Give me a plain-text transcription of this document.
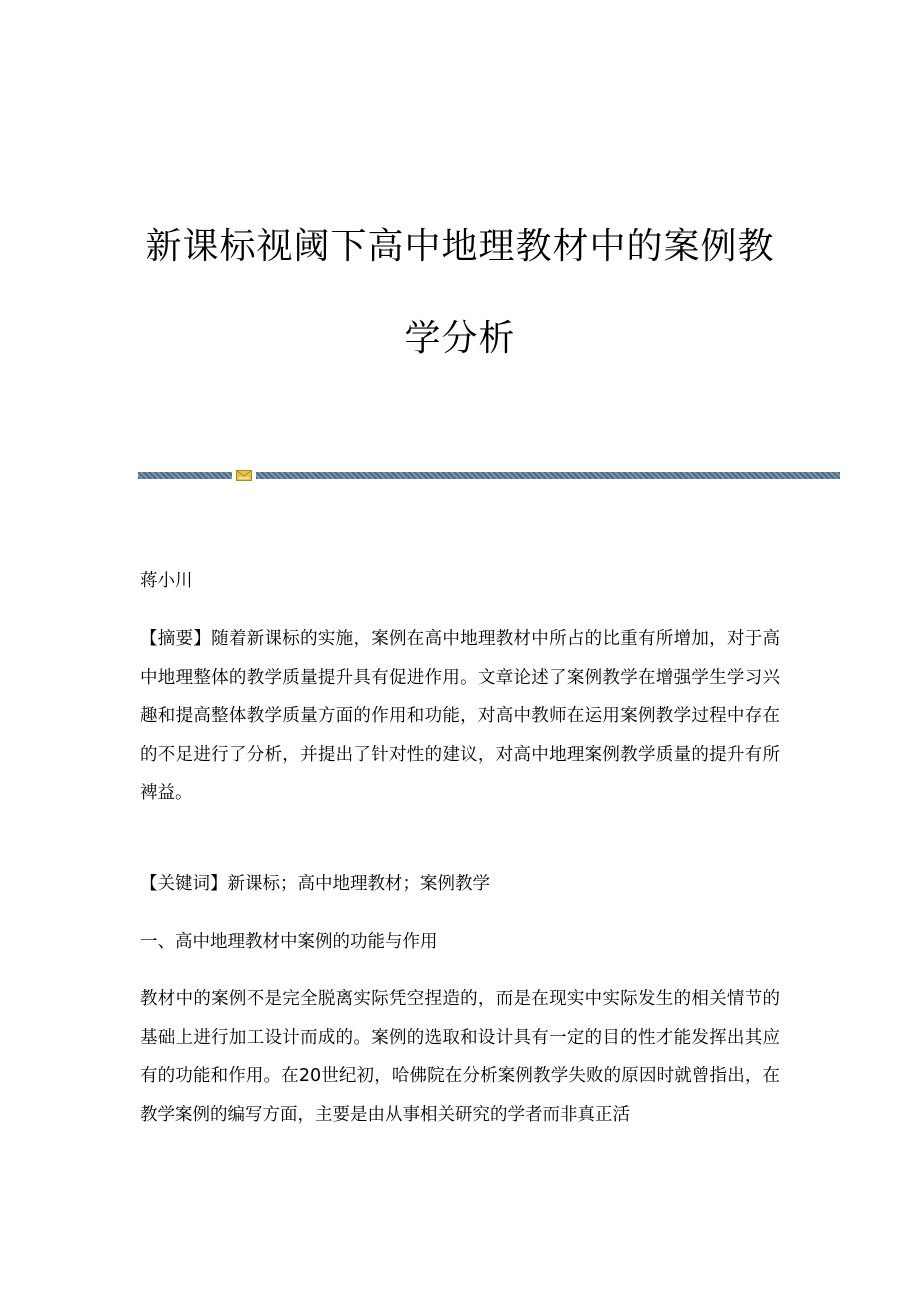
新课标视阈下高中地理教材中的案例教
学分析

蒋小川

【摘要】随着新课标的实施，案例在高中地理教材中所占的比重有所增加，对于高中地理整体的教学质量提升具有促进作用。文章论述了案例教学在增强学生学习兴趣和提高整体教学质量方面的作用和功能，对高中教师在运用案例教学过程中存在的不足进行了分析，并提出了针对性的建议，对高中地理案例教学质量的提升有所裨益。

【关键词】新课标；高中地理教材；案例教学

一、高中地理教材中案例的功能与作用

教材中的案例不是完全脱离实际凭空捏造的，而是在现实中实际发生的相关情节的基础上进行加工设计而成的。案例的选取和设计具有一定的目的性才能发挥出其应有的功能和作用。在20世纪初，哈佛院在分析案例教学失败的原因时就曾指出，在教学案例的编写方面，主要是由从事相关研究的学者而非真正活
